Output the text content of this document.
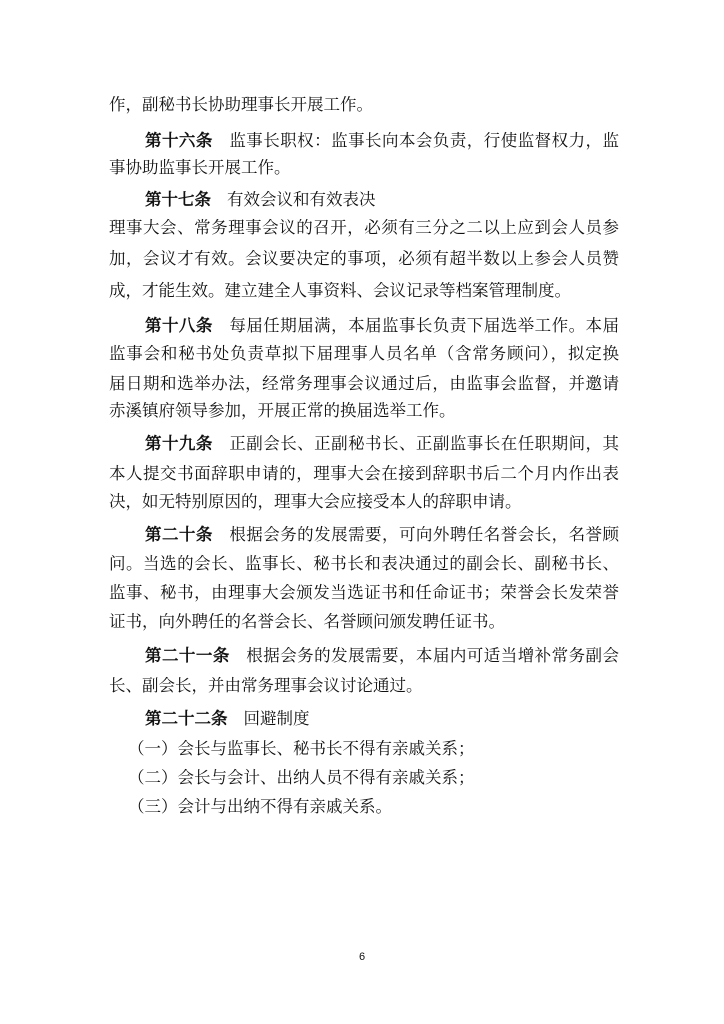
作，副秘书长协助理事长开展工作。
第十六条 监事长职权：监事长向本会负责，行使监督权力，监
事协助监事长开展工作。
第十七条 有效会议和有效表决
理事大会、常务理事会议的召开，必须有三分之二以上应到会人员参
加，会议才有效。会议要决定的事项，必须有超半数以上参会人员赞
成，才能生效。建立建全人事资料、会议记录等档案管理制度。
第十八条 每届任期届满，本届监事长负责下届选举工作。本届
监事会和秘书处负责草拟下届理事人员名单（含常务顾问），拟定换
届日期和选举办法，经常务理事会议通过后，由监事会监督，并邀请
赤溪镇府领导参加，开展正常的换届选举工作。
第十九条 正副会长、正副秘书长、正副监事长在任职期间，其
本人提交书面辞职申请的，理事大会在接到辞职书后二个月内作出表
决，如无特别原因的，理事大会应接受本人的辞职申请。
第二十条 根据会务的发展需要，可向外聘任名誉会长，名誉顾
问。当选的会长、监事长、秘书长和表决通过的副会长、副秘书长、
监事、秘书，由理事大会颁发当选证书和任命证书；荣誉会长发荣誉
证书，向外聘任的名誉会长、名誉顾问颁发聘任证书。
第二十一条 根据会务的发展需要，本届内可适当增补常务副会
长、副会长，并由常务理事会议讨论通过。
第二十二条 回避制度
（一）会长与监事长、秘书长不得有亲戚关系；
（二）会长与会计、出纳人员不得有亲戚关系；
（三）会计与出纳不得有亲戚关系。
6
